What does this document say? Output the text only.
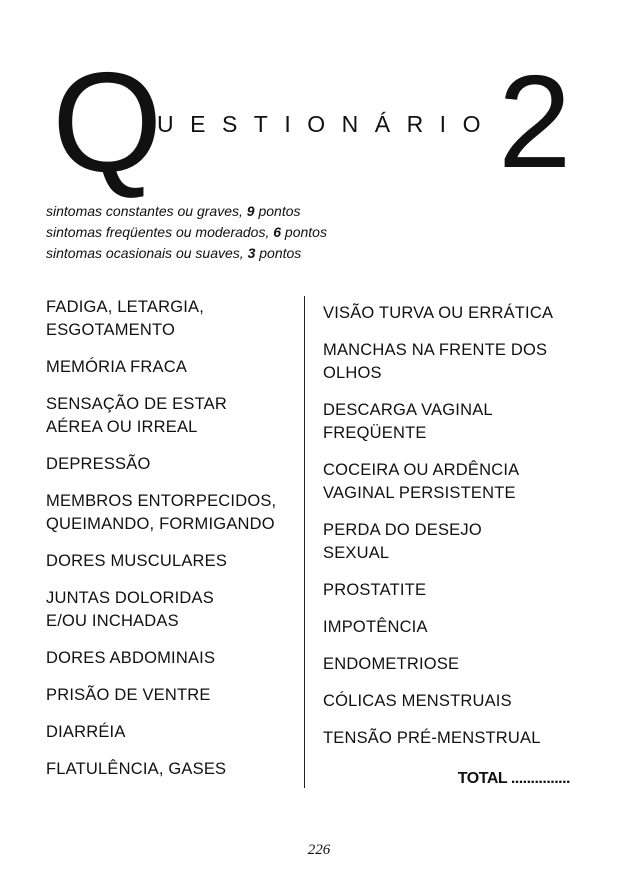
Q
UESTIONÁRIO 2
sintomas constantes ou graves, 9 pontos
sintomas freqüentes ou moderados, 6 pontos
sintomas ocasionais ou suaves, 3 pontos
FADIGA, LETARGIA,
ESGOTAMENTO
MEMÓRIA FRACA
SENSAÇÃO DE ESTAR
AÉREA OU IRREAL
DEPRESSÃO
MEMBROS ENTORPECIDOS,
QUEIMANDO, FORMIGANDO
DORES MUSCULARES
JUNTAS DOLORIDAS
E/OU INCHADAS
DORES ABDOMINAIS
PRISÃO DE VENTRE
DIARRÉIA
FLATULÊNCIA, GASES
VISÃO TURVA OU ERRÁTICA
MANCHAS NA FRENTE DOS
OLHOS
DESCARGA VAGINAL
FREQÜENTE
COCEIRA OU ARDÊNCIA
VAGINAL PERSISTENTE
PERDA DO DESEJO
SEXUAL
PROSTATITE
IMPOTÊNCIA
ENDOMETRIOSE
CÓLICAS MENSTRUAIS
TENSÃO PRÉ-MENSTRUAL
TOTAL ...............
226
